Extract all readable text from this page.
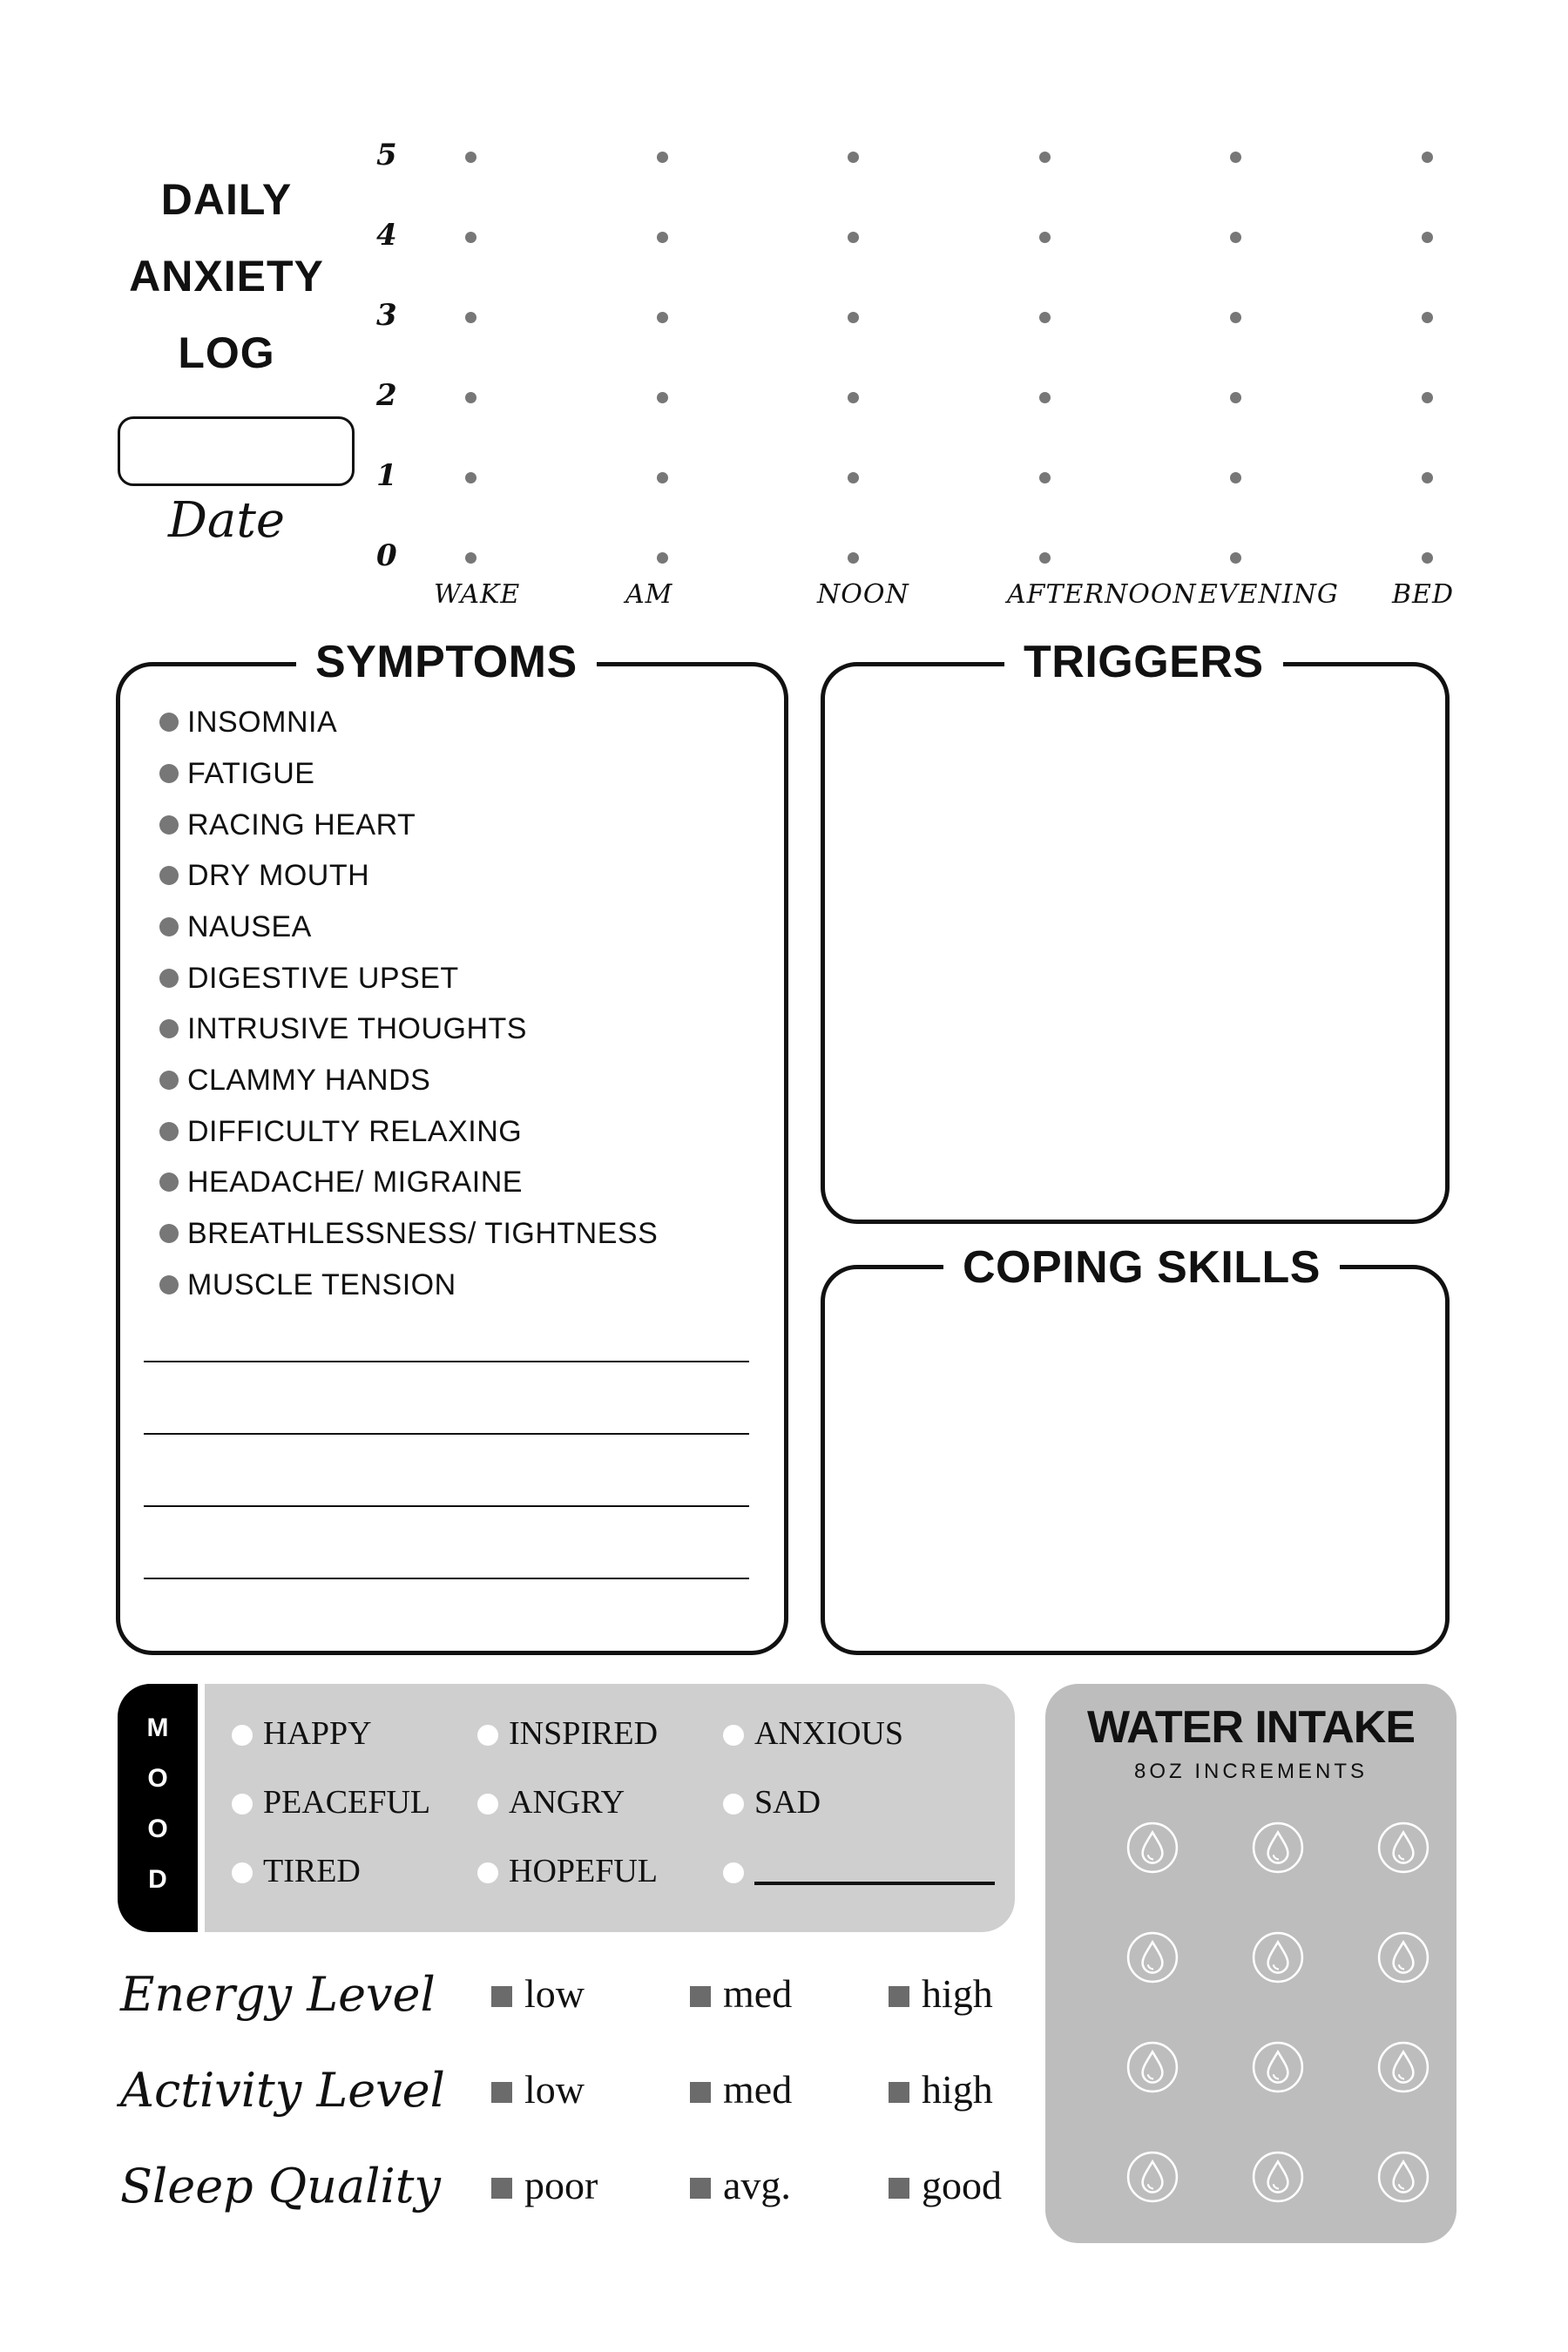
DAILY
ANXIETY
LOG
Date
5
4
3
2
1
0
WAKE	AM	NOON	AFTERNOON EVENING BED
SYMPTOMS
INSOMNIA
FATIGUE
RACING HEART
DRY MOUTH
NAUSEA
DIGESTIVE UPSET
INTRUSIVE THOUGHTS
CLAMMY HANDS
DIFFICULTY RELAXING
HEADACHE/ MIGRAINE
BREATHLESSNESS/ TIGHTNESS
MUSCLE TENSION
TRIGGERS
COPING SKILLS
M
O
O
D
HAPPY	INSPIRED	ANXIOUS
PEACEFUL ANGRY	SAD
TIRED	HOPEFUL
Energy Level low	med	high
Activity Level low	med	high
Sleep Quality poor	avg.	good
WATER INTAKE
8OZ INCREMENTS
